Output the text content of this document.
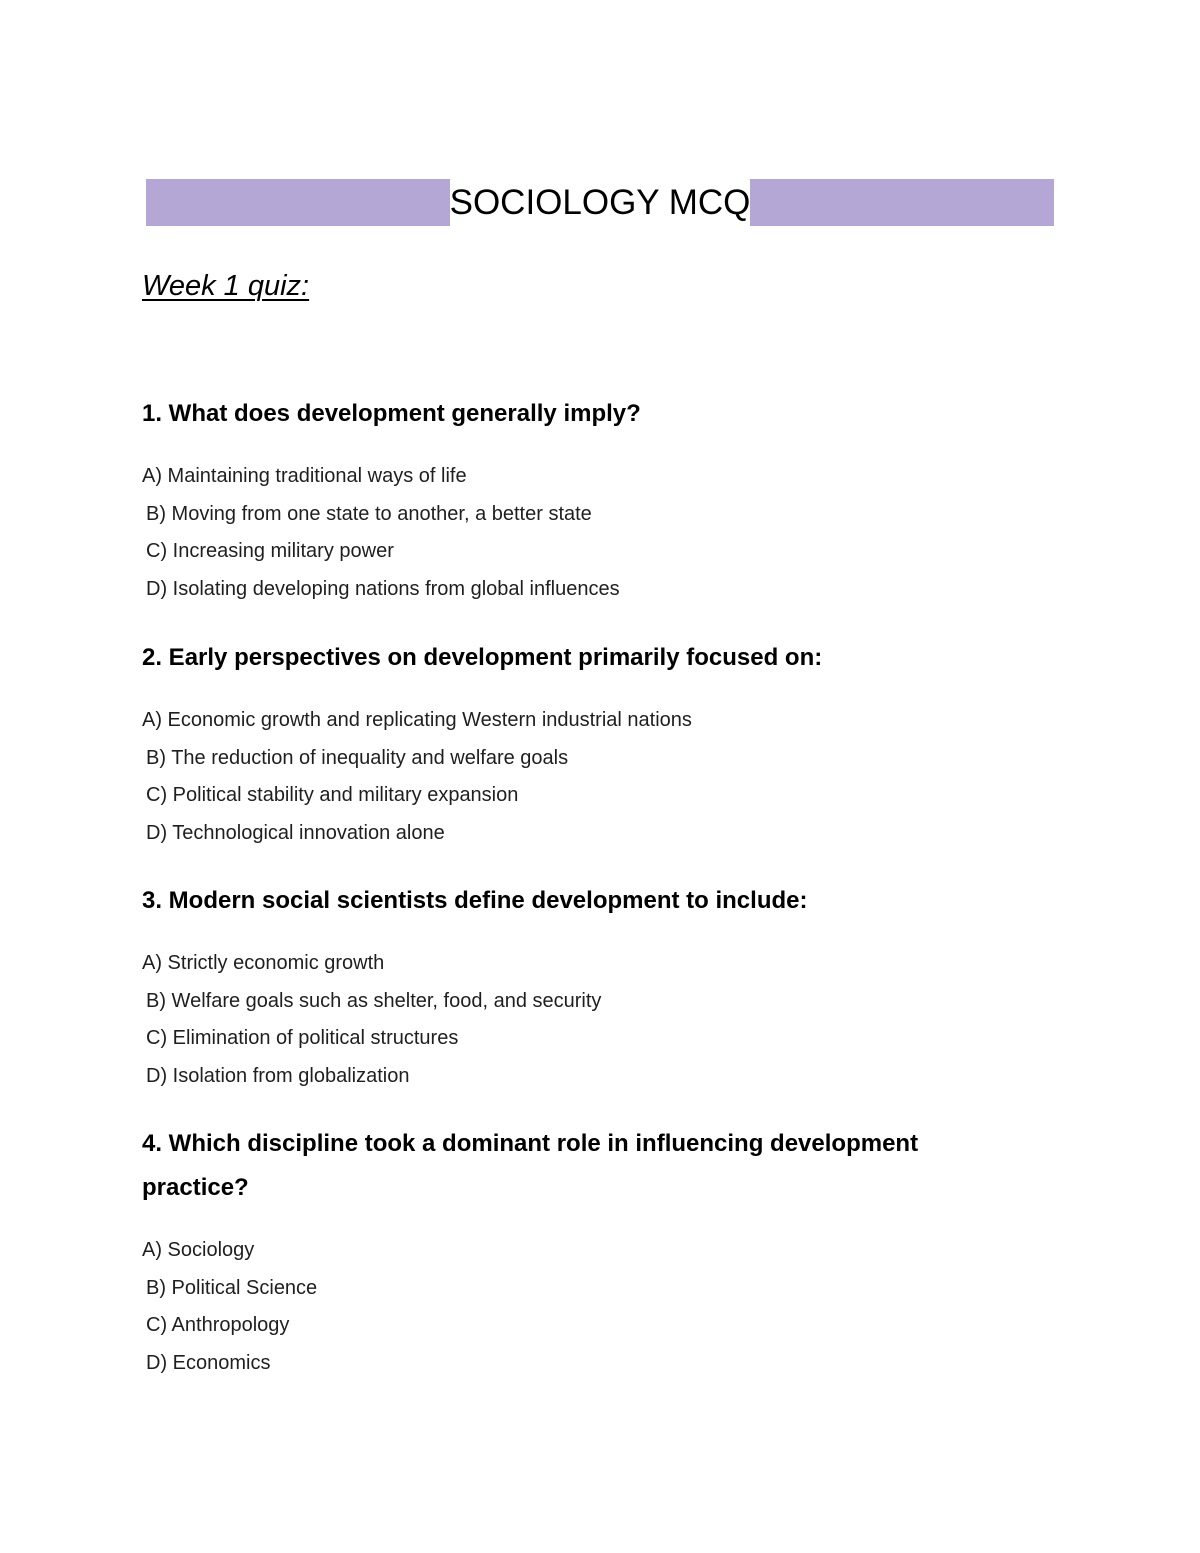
SOCIOLOGY MCQ
Week 1 quiz:

1. What does development generally imply?

A) Maintaining traditional ways of life
B) Moving from one state to another, a better state
C) Increasing military power
D) Isolating developing nations from global influences

2. Early perspectives on development primarily focused on:

A) Economic growth and replicating Western industrial nations
B) The reduction of inequality and welfare goals
C) Political stability and military expansion
D) Technological innovation alone

3. Modern social scientists define development to include:

A) Strictly economic growth
B) Welfare goals such as shelter, food, and security
C) Elimination of political structures
D) Isolation from globalization

4. Which discipline took a dominant role in influencing development practice?

A) Sociology
B) Political Science
C) Anthropology
D) Economics
